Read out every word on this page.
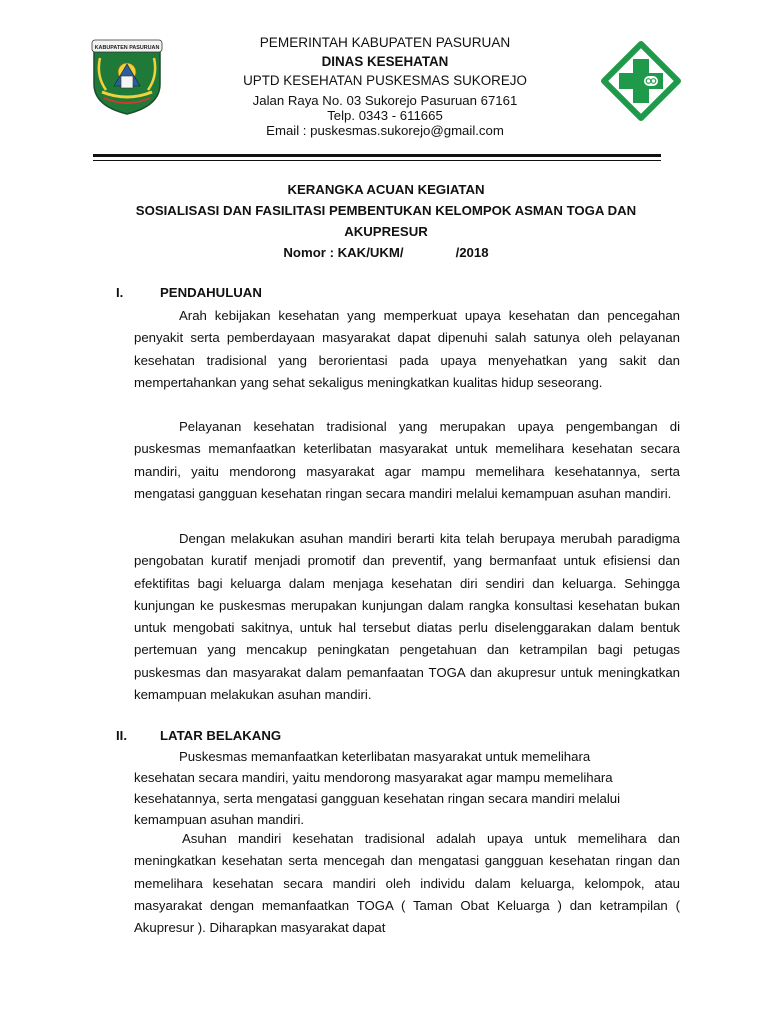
KABUPATEN PASURUAN	PEMERINTAH KABUPATEN PASURUAN
DINAS KESEHATAN
UPTD KESEHATAN PUSKESMAS SUKOREJO
Jalan Raya No. 03 Sukorejo Pasuruan 67161
Telp. 0343 - 611665
Email : puskesmas.sukorejo@gmail.com
KERANGKA ACUAN KEGIATAN
SOSIALISASI DAN FASILITASI PEMBENTUKAN KELOMPOK ASMAN TOGA DAN
AKUPRESUR
Nomor : KAK/UKM/	/2018
I.	PENDAHULUAN

Arah kebijakan kesehatan yang memperkuat upaya kesehatan dan pencegahan penyakit serta pemberdayaan masyarakat dapat dipenuhi salah satunya oleh pelayanan kesehatan tradisional yang berorientasi pada upaya menyehatkan yang sakit dan mempertahankan yang sehat sekaligus meningkatkan kualitas hidup seseorang.

Pelayanan kesehatan tradisional yang merupakan upaya pengembangan di puskesmas memanfaatkan keterlibatan masyarakat untuk memelihara kesehatan secara mandiri, yaitu mendorong masyarakat agar mampu memelihara kesehatannya, serta mengatasi gangguan kesehatan ringan secara mandiri melalui kemampuan asuhan mandiri.

Dengan melakukan asuhan mandiri berarti kita telah berupaya merubah paradigma pengobatan kuratif menjadi promotif dan preventif, yang bermanfaat untuk efisiensi dan efektifitas bagi keluarga dalam menjaga kesehatan diri sendiri dan keluarga. Sehingga kunjungan ke puskesmas merupakan kunjungan dalam rangka konsultasi kesehatan bukan untuk mengobati sakitnya, untuk hal tersebut diatas perlu diselenggarakan dalam bentuk pertemuan yang mencakup peningkatan pengetahuan dan ketrampilan bagi petugas puskesmas dan masyarakat dalam pemanfaatan TOGA dan akupresur untuk meningkatkan kemampuan melakukan asuhan mandiri.

II.	LATAR BELAKANG

Puskesmas memanfaatkan keterlibatan masyarakat untuk memelihara kesehatan secara mandiri, yaitu mendorong masyarakat agar mampu memelihara kesehatannya, serta mengatasi gangguan kesehatan ringan secara mandiri melalui kemampuan asuhan mandiri.

Asuhan mandiri kesehatan tradisional adalah upaya untuk memelihara dan meningkatkan kesehatan serta mencegah dan mengatasi gangguan kesehatan ringan dan memelihara kesehatan secara mandiri oleh individu dalam keluarga, kelompok, atau masyarakat dengan memanfaatkan TOGA ( Taman Obat Keluarga ) dan ketrampilan ( Akupresur ). Diharapkan masyarakat dapat
